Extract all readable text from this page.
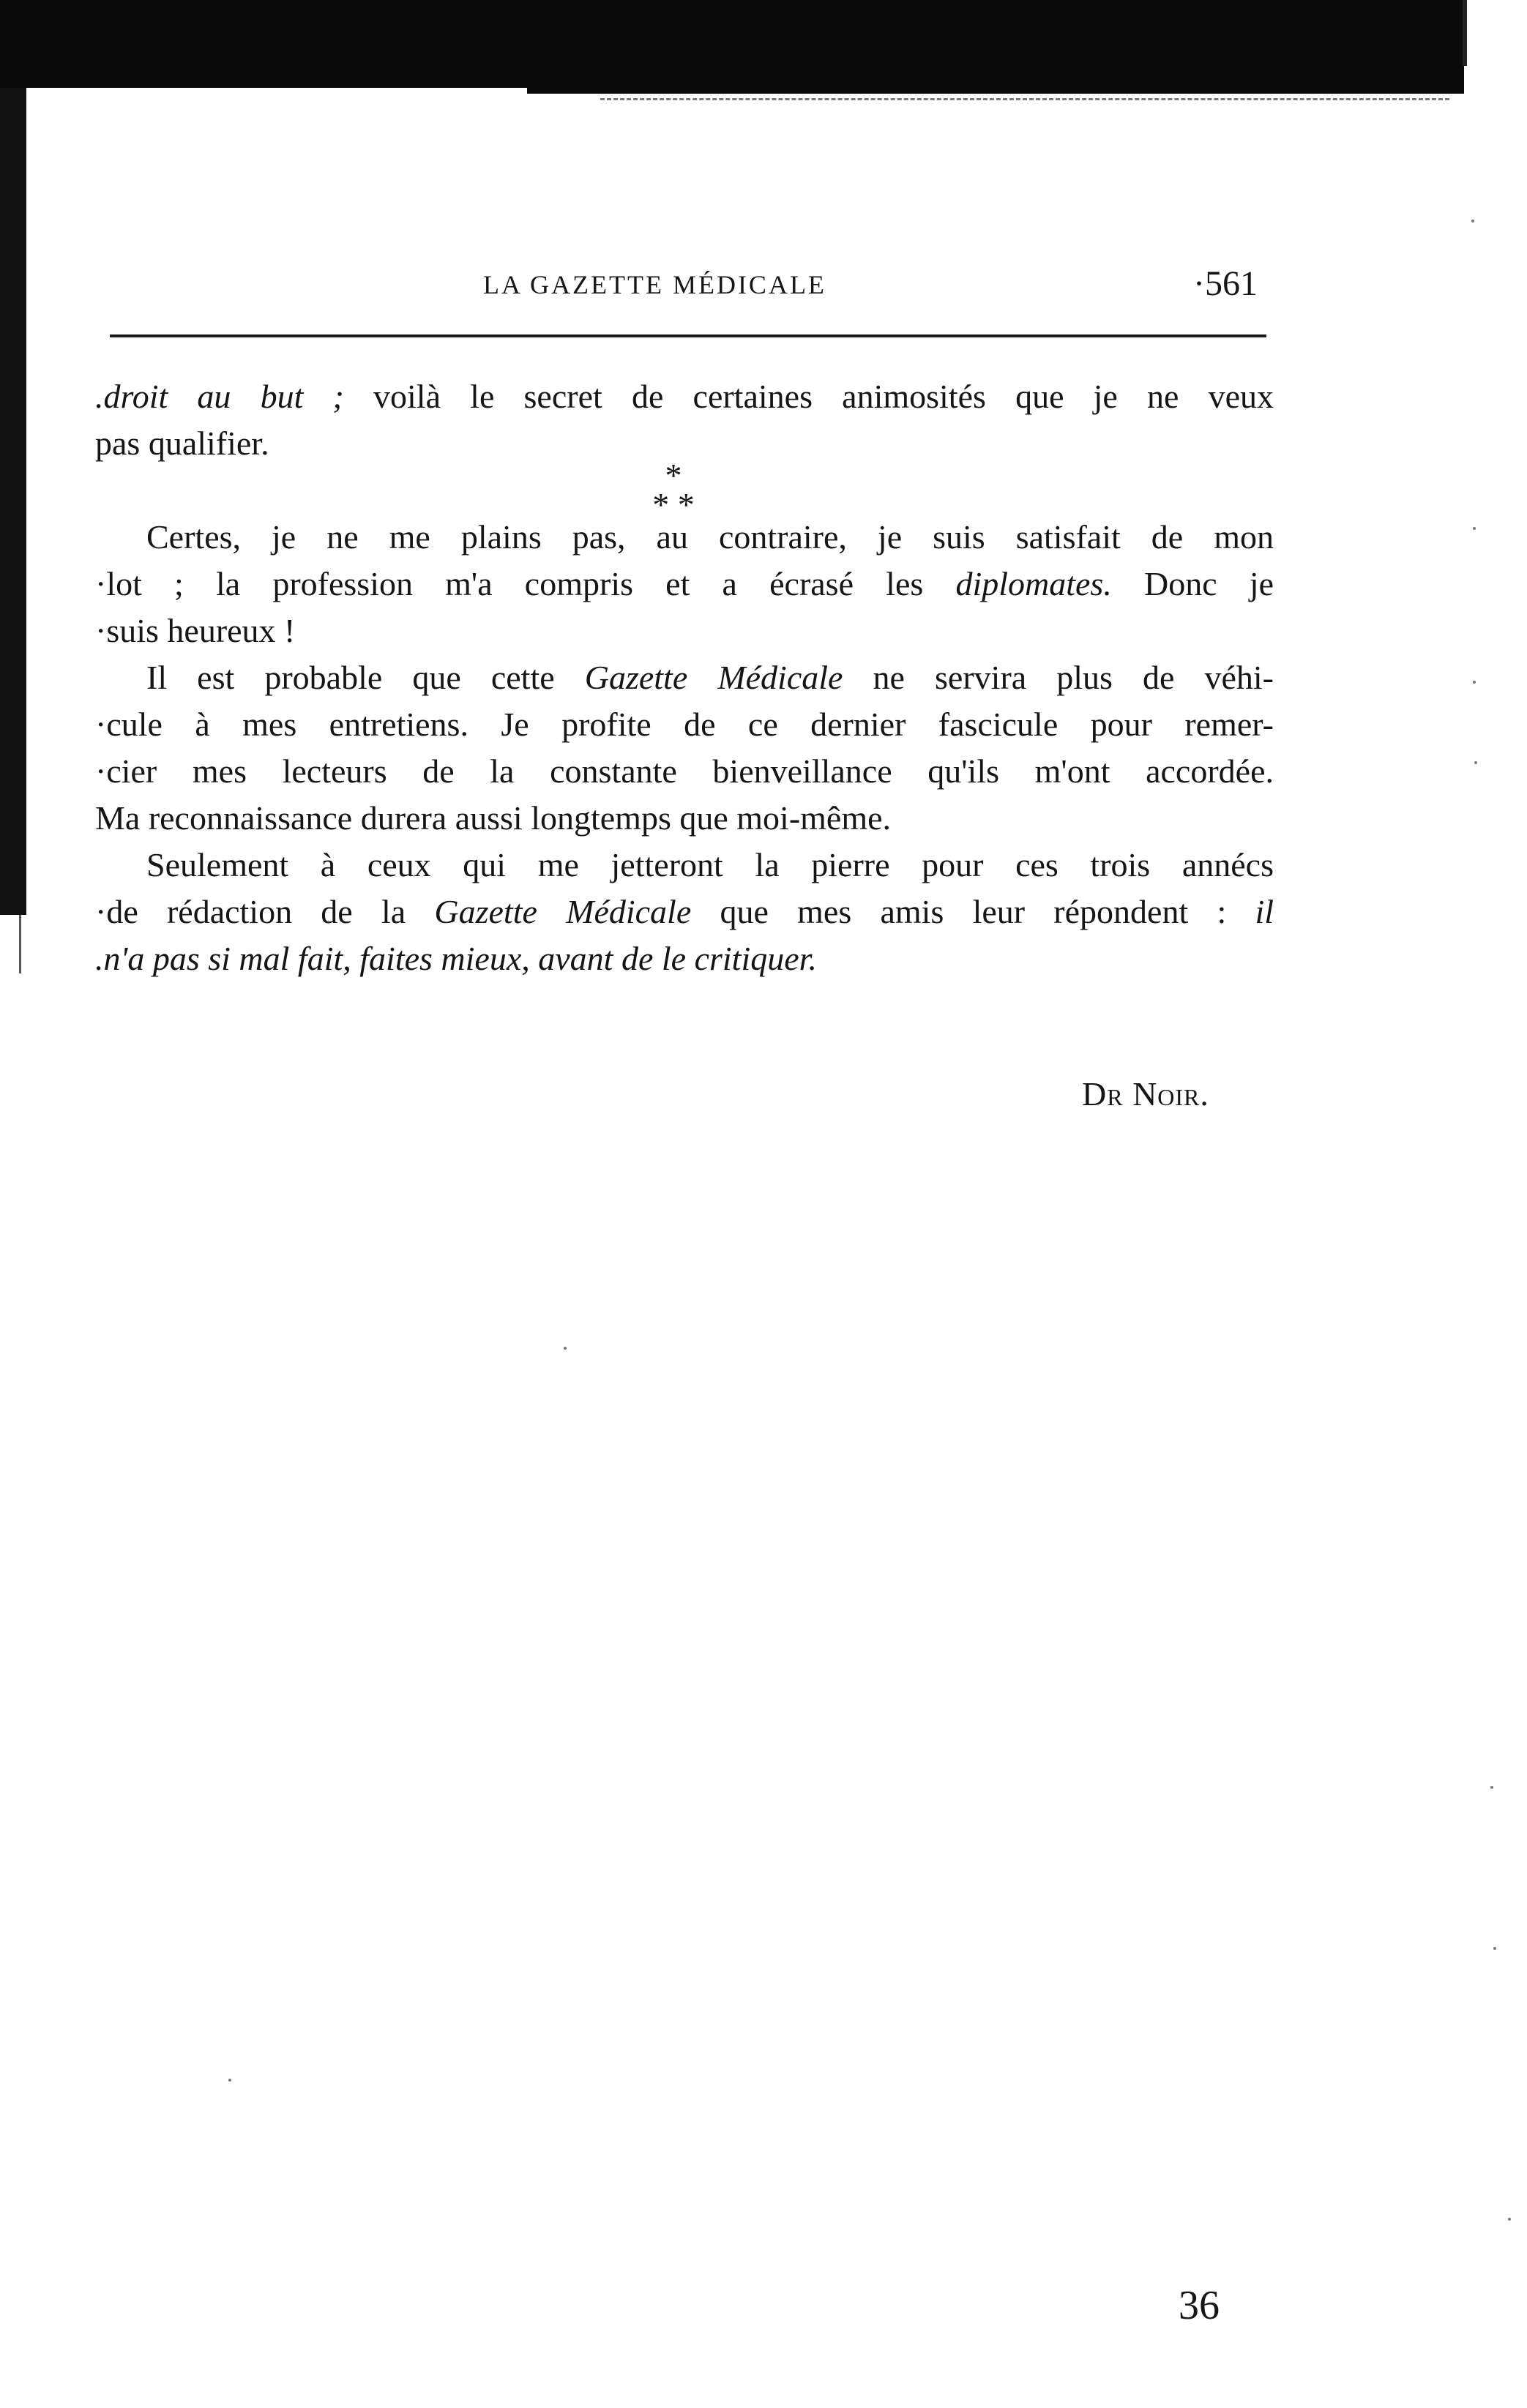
LA GAZETTE MÉDICALE	·561
.droit au but ; voilà le secret de certaines animosités que je ne veux
pas qualifier.
Certes, je ne me plains pas, au contraire, je suis satisfait de mon
·lot ; la profession m'a compris et a écrasé les diplomates. Donc je
·suis heureux !
Il est probable que cette Gazette Médicale ne servira plus de véhi-
·cule à mes entretiens. Je profite de ce dernier fascicule pour remer-
·cier mes lecteurs de la constante bienveillance qu'ils m'ont accordée.
Ma reconnaissance durera aussi longtemps que moi-même.
Seulement à ceux qui me jetteront la pierre pour ces trois annécs
·de rédaction de la Gazette Médicale que mes amis leur répondent : il
.n'a pas si mal fait, faites mieux, avant de le critiquer.
*
* *
Dr Noir.
36
